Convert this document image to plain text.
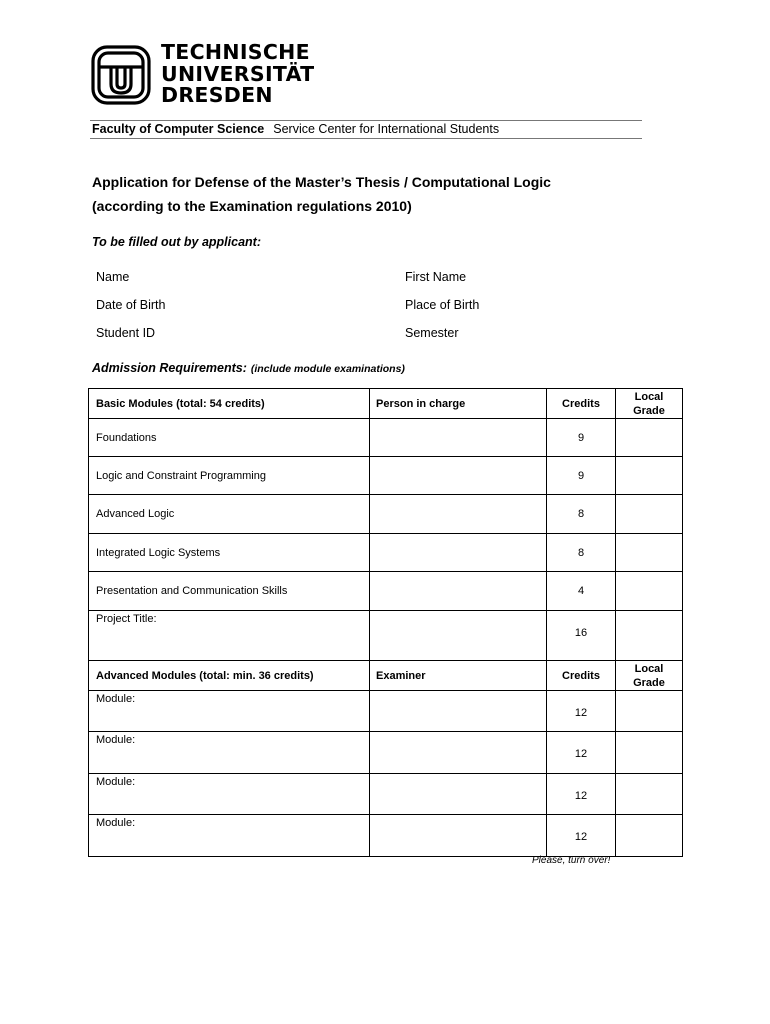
TECHNISCHE
UNIVERSITÄT
DRESDEN
Faculty of Computer Science Service Center for International Students
Application for Defense of the Master’s Thesis / Computational Logic
(according to the Examination regulations 2010)
To be filled out by applicant:
Name	First Name
Date of Birth	Place of Birth
Student ID	Semester
Admission Requirements: (include module examinations)
Basic Modules (total: 54 credits)	Person in charge	Credits	Local
Grade

Foundations		9	
Logic and Constraint Programming		9	
Advanced Logic		8	
Integrated Logic Systems		8	
Presentation and Communication Skills		4	
Project Title:		16	
Advanced Modules (total: min. 36 credits)	Examiner	Credits	Local
Grade

Module:		12	
Module:		12	
Module:		12	
Module:		12	
Please, turn over!
